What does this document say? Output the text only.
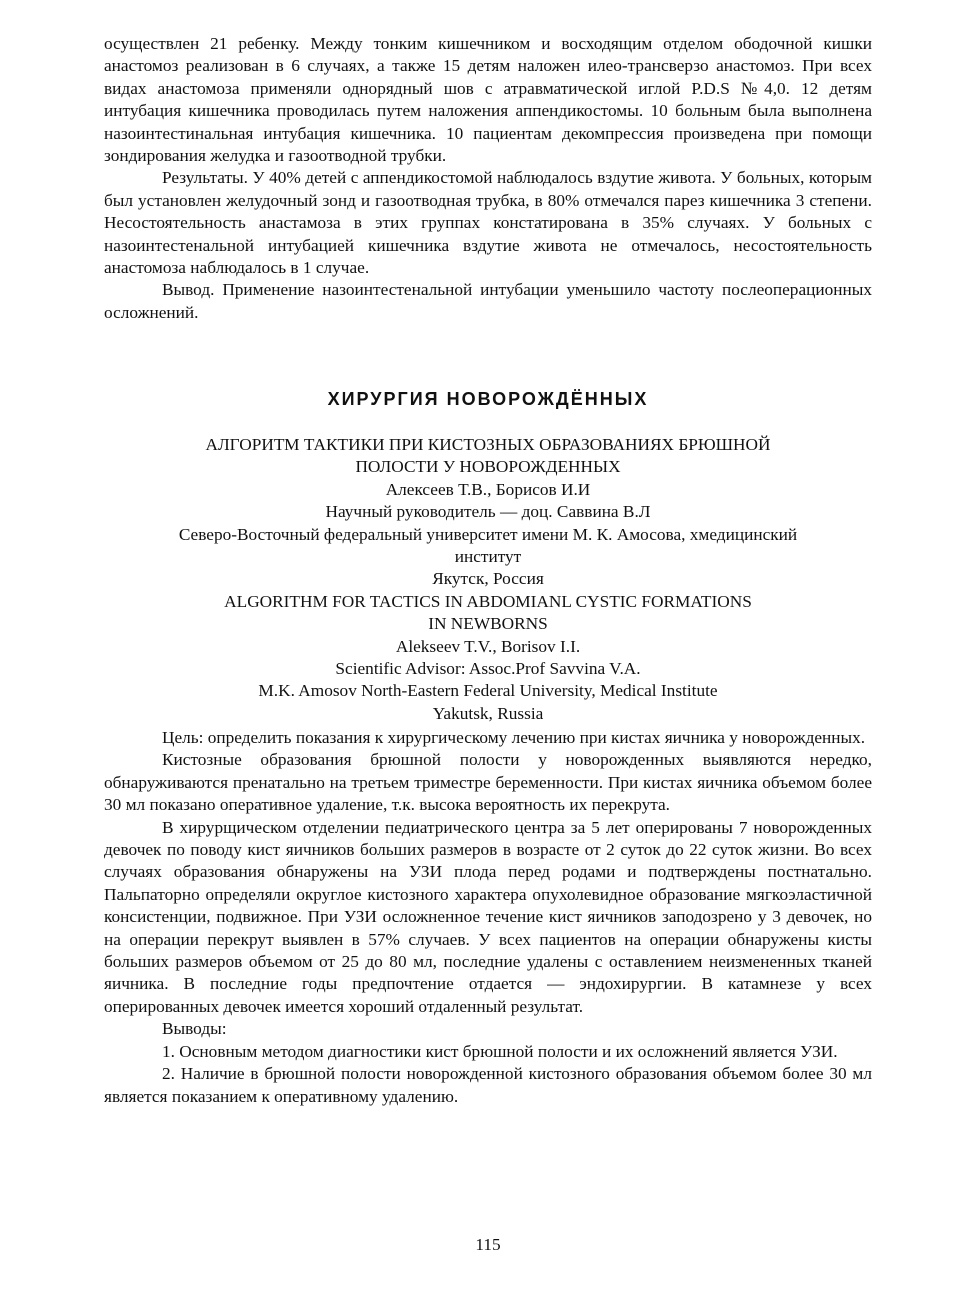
осуществлен 21 ребенку. Между тонким кишечником и восходящим отделом ободочной кишки анастомоз реализован в 6 случаях, а также 15 детям наложен илео-трансверзо анастомоз. При всех видах анастомоза применяли однорядный шов с атравматической иглой P.D.S №4,0. 12 детям интубация кишечника проводилась путем наложения аппендикостомы. 10 больным была выполнена назоинтестинальная интубация кишечника. 10 пациентам декомпрессия произведена при помощи зондирования желудка и газоотводной трубки.

Результаты. У 40% детей с аппендикостомой наблюдалось вздутие живота. У больных, которым был установлен желудочный зонд и газоотводная трубка, в 80% отмечался парез кишечника 3 степени. Несостоятельность анастамоза в этих группах констатирована в 35% случаях. У больных с назоинтестенальной интубацией кишечника вздутие живота не отмечалось, несостоятельность анастомоза наблюдалось в 1 случае.

Вывод. Применение назоинтестенальной интубации уменьшило частоту послеоперационных осложнений.

ХИРУРГИЯ НОВОРОЖДЁННЫХ
АЛГОРИТМ ТАКТИКИ ПРИ КИСТОЗНЫХ ОБРАЗОВАНИЯХ БРЮШНОЙ
ПОЛОСТИ У НОВОРОЖДЕННЫХ
Алексеев Т.В., Борисов И.И
Научный руководитель — доц. Саввина В.Л
Северо-Восточный федеральный университет имени М. К. Амосова, хмедицинский
институт
Якутск, Россия
ALGORITHM FOR TACTICS IN ABDOMIANL CYSTIC FORMATIONS
IN NEWBORNS
Alekseev T.V., Borisov I.I.
Scientific Advisor: Assoc.Prof Savvina V.A.
M.K. Amosov North-Eastern Federal University, Medical Institute
Yakutsk, Russia

Цель: определить показания к хирургическому лечению при кистах яичника у новорожденных.

Кистозные образования брюшной полости у новорожденных выявляются нередко, обнаруживаются пренатально на третьем триместре беременности. При кистах яичника объемом более 30 мл показано оперативное удаление, т.к. высока вероятность их перекрута.

В хирурщическом отделении педиатрического центра за 5 лет оперированы 7 новорожденных девочек по поводу кист яичников больших размеров в возрасте от 2 суток до 22 суток жизни. Во всех случаях образования обнаружены на УЗИ плода перед родами и подтверждены постнатально. Пальпаторно определяли округлое кистозного характера опухолевидное образование мягкоэластичной консистенции, подвижное. При УЗИ осложненное течение кист яичников заподозрено у 3 девочек, но на операции перекрут выявлен в 57% случаев. У всех пациентов на операции обнаружены кисты больших размеров объемом от 25 до 80 мл, последние удалены с оставлением неизмененных тканей яичника. В последние годы предпочтение отдается — эндохирургии. В катамнезе у всех оперированных девочек имеется хороший отдаленный результат.

Выводы:

1. Основным методом диагностики кист брюшной полости и их осложнений является УЗИ.

2. Наличие в брюшной полости новорожденной кистозного образования объемом более 30 мл является показанием к оперативному удалению.

115
